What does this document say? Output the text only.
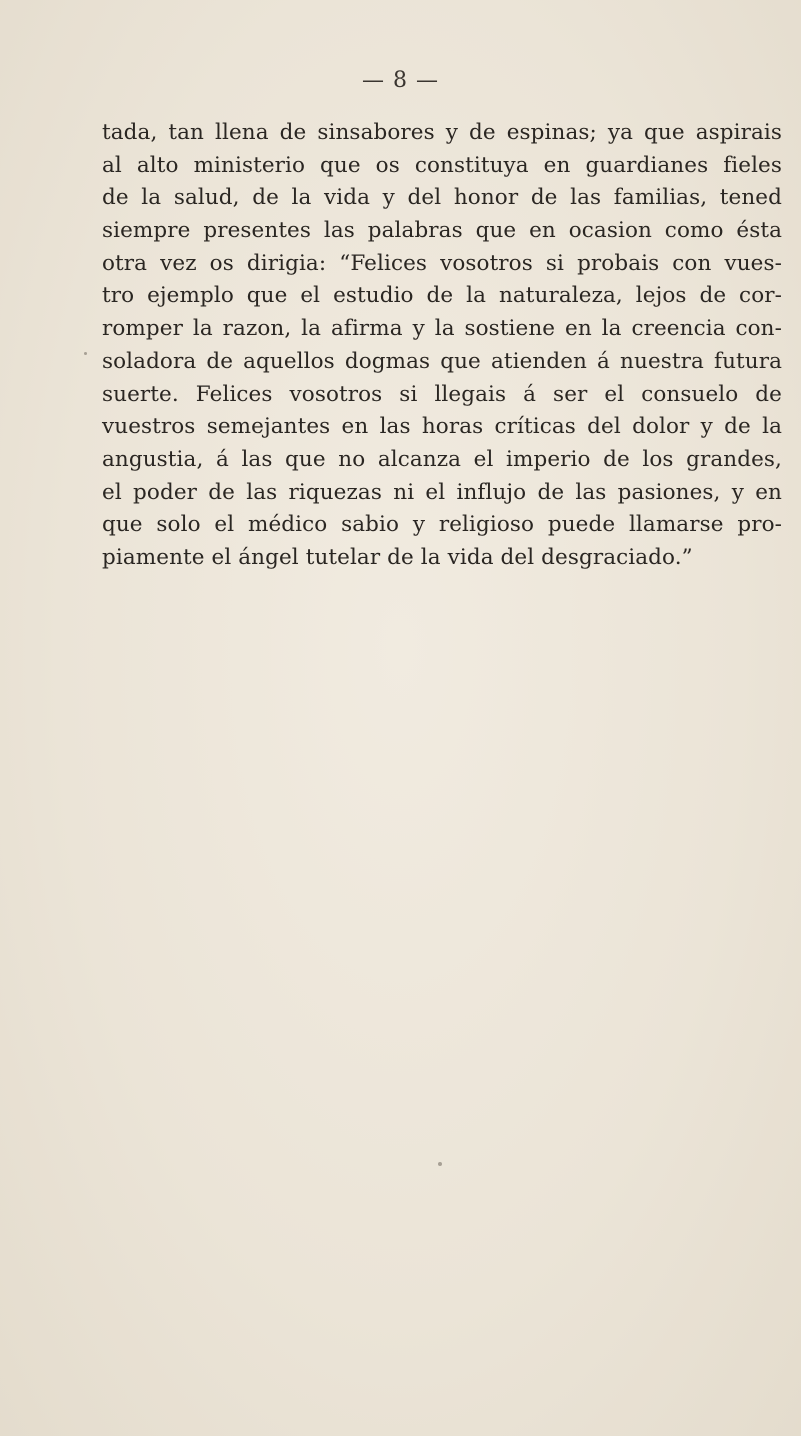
— 8 —
tada, tan llena de sinsabores y de espinas; ya que aspirais
al alto ministerio que os constituya en guardianes fieles
de la salud, de la vida y del honor de las familias, tened
siempre presentes las palabras que en ocasion como ésta
otra vez os dirigia: “Felices vosotros si probais con vues-
tro ejemplo que el estudio de la naturaleza, lejos de cor-
romper la razon, la afirma y la sostiene en la creencia con-
soladora de aquellos dogmas que atienden á nuestra futura
suerte. Felices vosotros si llegais á ser el consuelo de
vuestros semejantes en las horas críticas del dolor y de la
angustia, á las que no alcanza el imperio de los grandes,
el poder de las riquezas ni el influjo de las pasiones, y en
que solo el médico sabio y religioso puede llamarse pro-
piamente el ángel tutelar de la vida del desgraciado.”
